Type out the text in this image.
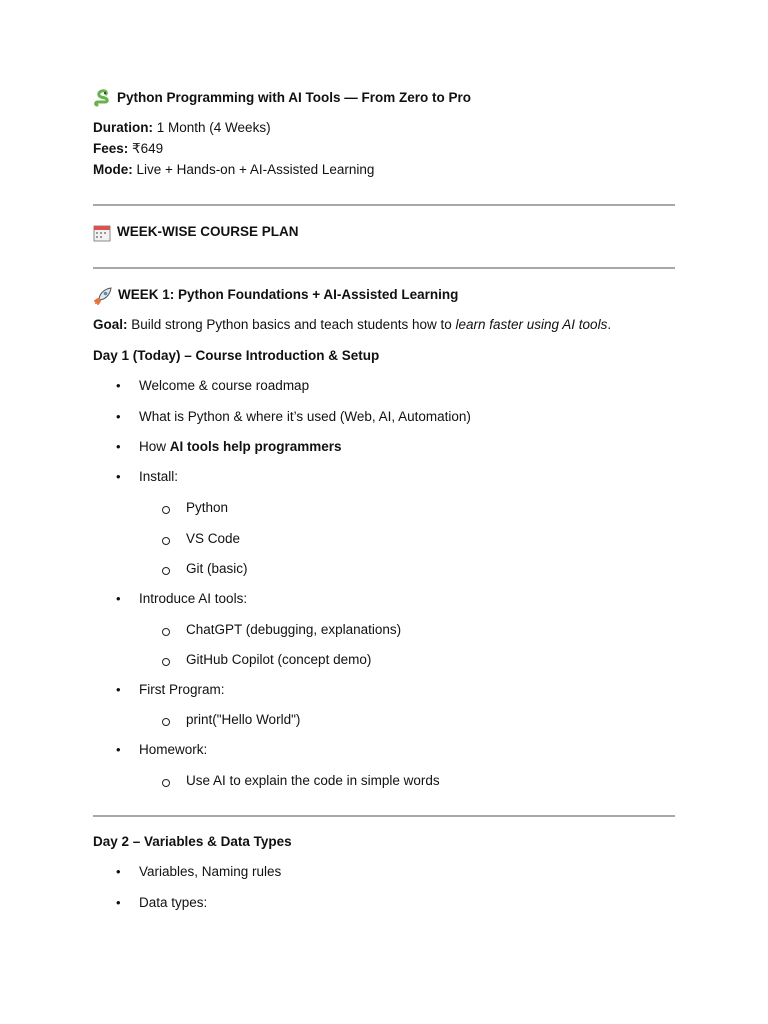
Python Programming with AI Tools — From Zero to Pro
Duration: 1 Month (4 Weeks)
Fees: ₹649
Mode: Live + Hands-on + AI-Assisted Learning
WEEK-WISE COURSE PLAN
WEEK 1: Python Foundations + AI-Assisted Learning
Goal: Build strong Python basics and teach students how to learn faster using AI tools.
Day 1 (Today) – Course Introduction & Setup
• Welcome & course roadmap
• What is Python & where it’s used (Web, AI, Automation)
• How AI tools help programmers
• Install:
Python
VS Code
Git (basic)
• Introduce AI tools:
ChatGPT (debugging, explanations)
GitHub Copilot (concept demo)
• First Program:
print("Hello World")
• Homework:
Use AI to explain the code in simple words
Day 2 – Variables & Data Types
• Variables, Naming rules
• Data types:
